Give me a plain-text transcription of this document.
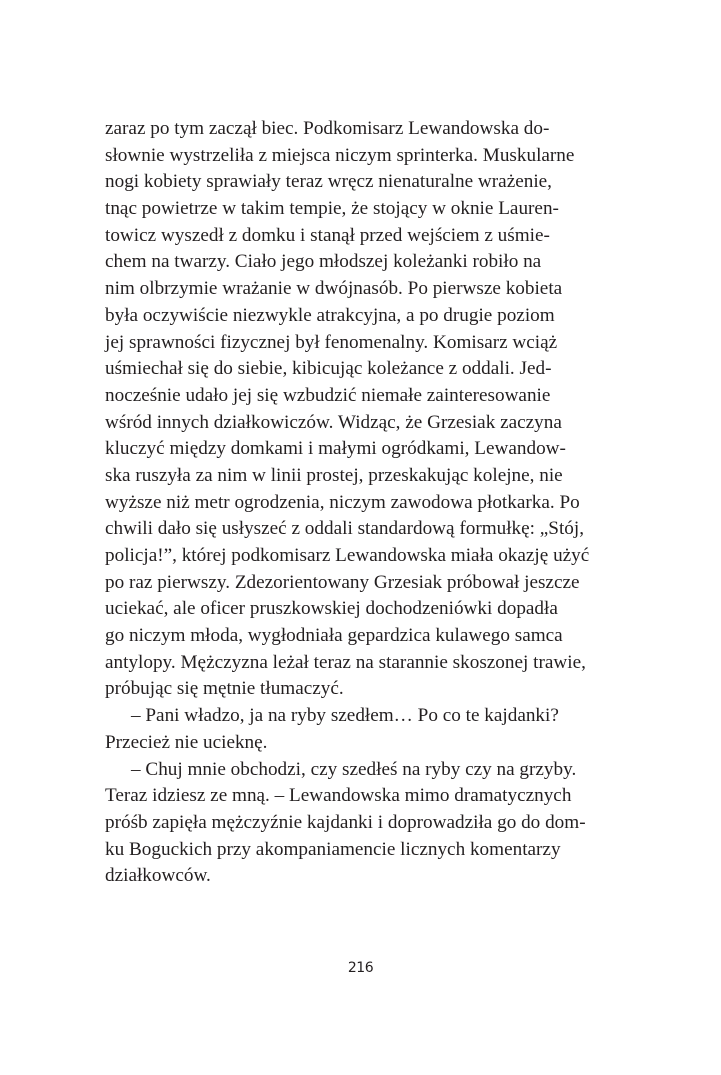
zaraz po tym zaczął biec. Podkomisarz Lewandowska do-
słownie wystrzeliła z miejsca niczym sprinterka. Muskularne
nogi kobiety sprawiały teraz wręcz nienaturalne wrażenie,
tnąc powietrze w takim tempie, że stojący w oknie Lauren-
towicz wyszedł z domku i stanął przed wejściem z uśmie-
chem na twarzy. Ciało jego młodszej koleżanki robiło na
nim olbrzymie wrażanie w dwójnasób. Po pierwsze kobieta
była oczywiście niezwykle atrakcyjna, a po drugie poziom
jej sprawności fizycznej był fenomenalny. Komisarz wciąż
uśmiechał się do siebie, kibicując koleżance z oddali. Jed-
nocześnie udało jej się wzbudzić niemałe zainteresowanie
wśród innych działkowiczów. Widząc, że Grzesiak zaczyna
kluczyć między domkami i małymi ogródkami, Lewandow-
ska ruszyła za nim w linii prostej, przeskakując kolejne, nie
wyższe niż metr ogrodzenia, niczym zawodowa płotkarka. Po
chwili dało się usłyszeć z oddali standardową formułkę: „Stój,
policja!”, której podkomisarz Lewandowska miała okazję użyć
po raz pierwszy. Zdezorientowany Grzesiak próbował jeszcze
uciekać, ale oficer pruszkowskiej dochodzeniówki dopadła
go niczym młoda, wygłodniała gepardzica kulawego samca
antylopy. Mężczyzna leżał teraz na starannie skoszonej trawie,
próbując się mętnie tłumaczyć.
– Pani władzo, ja na ryby szedłem… Po co te kajdanki?
Przecież nie ucieknę.
– Chuj mnie obchodzi, czy szedłeś na ryby czy na grzyby.
Teraz idziesz ze mną. – Lewandowska mimo dramatycznych
próśb zapięła mężczyźnie kajdanki i doprowadziła go do dom-
ku Boguckich przy akompaniamencie licznych komentarzy
działkowców.
216
